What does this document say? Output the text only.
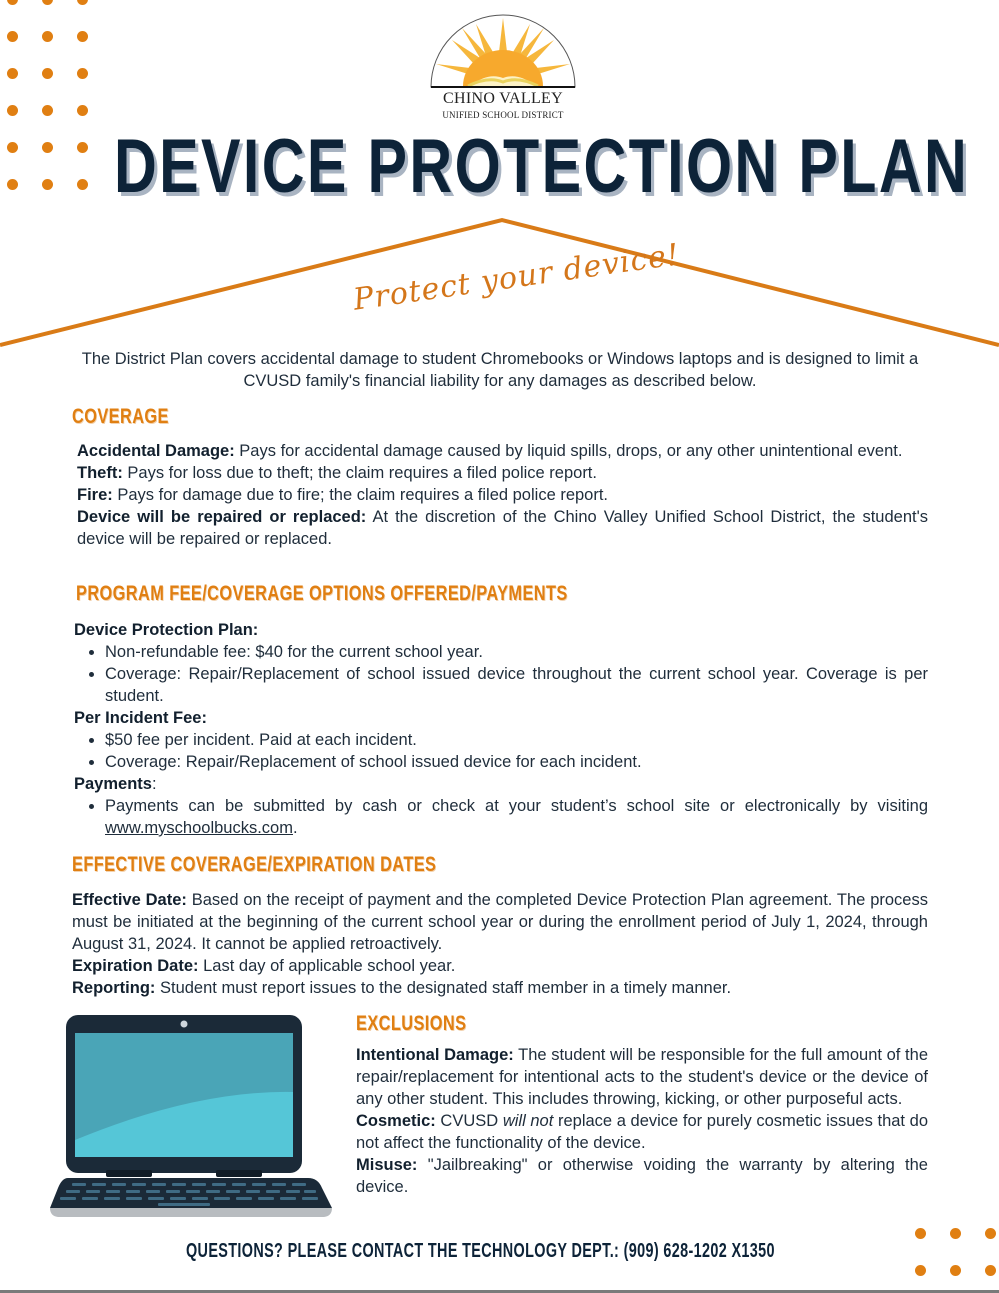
CHINO VALLEY
UNIFIED SCHOOL DISTRICT
DEVICE PROTECTION PLAN
Protect your device!
The District Plan covers accidental damage to student Chromebooks or Windows laptops and is designed to limit a CVUSD family's financial liability for any damages as described below.
COVERAGE

Accidental Damage: Pays for accidental damage caused by liquid spills, drops, or any other unintentional event.

Theft: Pays for loss due to theft; the claim requires a filed police report.

Fire: Pays for damage due to fire; the claim requires a filed police report.

Device will be repaired or replaced: At the discretion of the Chino Valley Unified School District, the student's device will be repaired or replaced.

PROGRAM FEE/COVERAGE OPTIONS OFFERED/PAYMENTS

Device Protection Plan:

• Non-refundable fee: $40 for the current school year.
• Coverage: Repair/Replacement of school issued device throughout the current school year. Coverage is per student.

Per Incident Fee:

• $50 fee per incident. Paid at each incident.
• Coverage: Repair/Replacement of school issued device for each incident.

Payments:

• Payments can be submitted by cash or check at your student’s school site or electronically by visiting www.myschoolbucks.com.
EFFECTIVE COVERAGE/EXPIRATION DATES

Effective Date: Based on the receipt of payment and the completed Device Protection Plan agreement. The process must be initiated at the beginning of the current school year or during the enrollment period of July 1, 2024, through August 31, 2024. It cannot be applied retroactively.

Expiration Date: Last day of applicable school year.

Reporting: Student must report issues to the designated staff member in a timely manner.

EXCLUSIONS

Intentional Damage: The student will be responsible for the full amount of the repair/replacement for intentional acts to the student's device or the device of any other student. This includes throwing, kicking, or other purposeful acts.

Cosmetic: CVUSD will not replace a device for purely cosmetic issues that do not affect the functionality of the device.

Misuse: "Jailbreaking" or otherwise voiding the warranty by altering the device.

QUESTIONS? PLEASE CONTACT THE TECHNOLOGY DEPT.: (909) 628-1202 X1350
